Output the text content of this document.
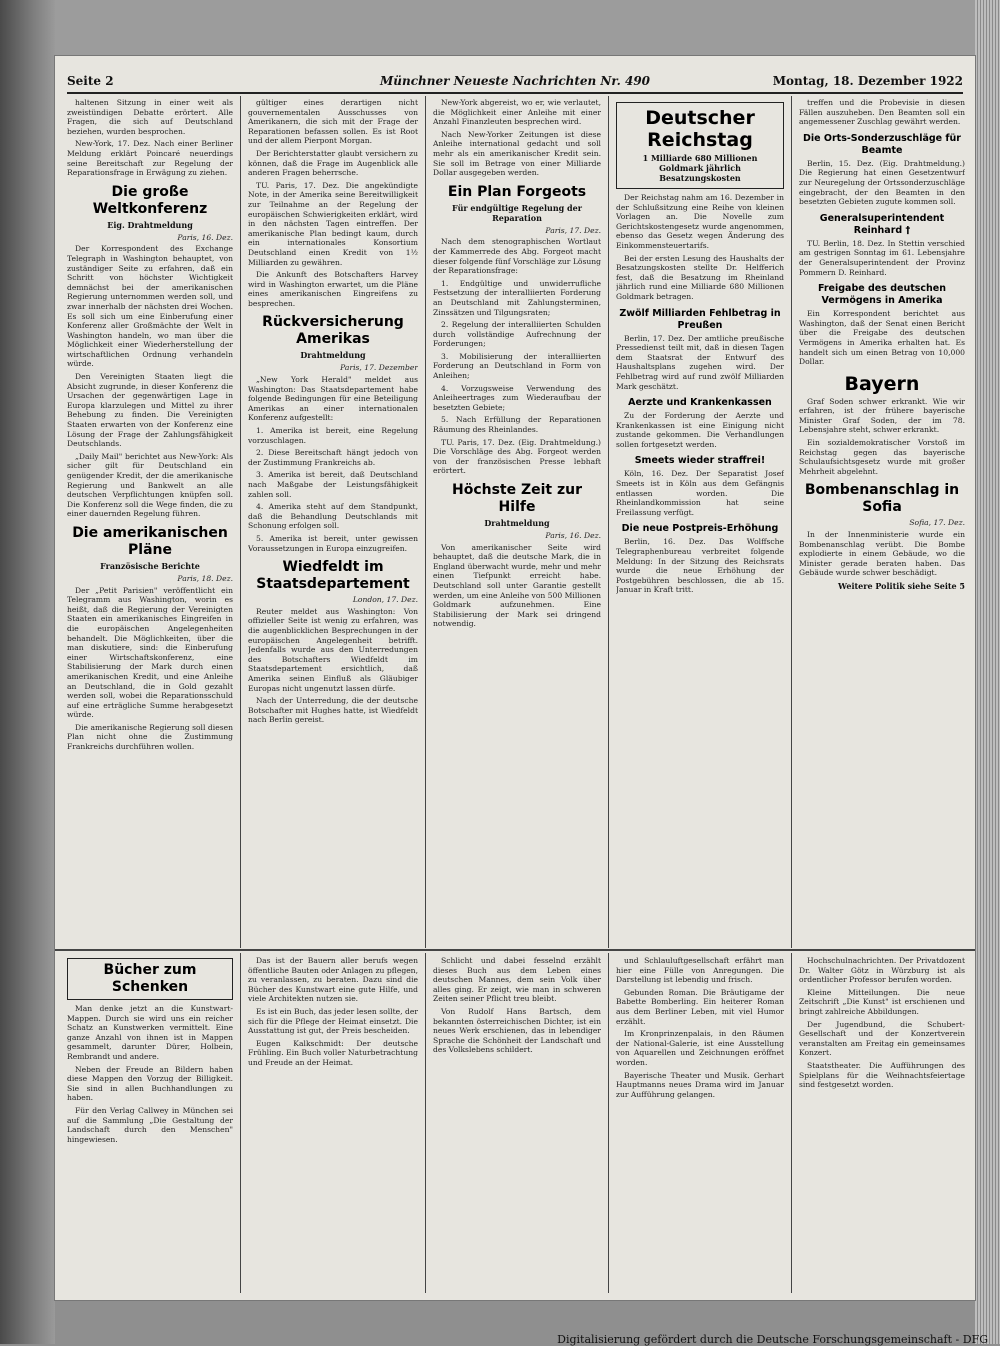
Seite 2	Münchner Neueste Nachrichten Nr. 490	Montag, 18. Dezember 1922

haltenen Sitzung in einer weit als zweistündigen Debatte erörtert. Alle Fragen, die sich auf Deutschland beziehen, wurden besprochen.

New-York, 17. Dez. Nach einer Berliner Meldung erklärt Poincaré neuerdings seine Bereitschaft zur Regelung der Reparationsfrage in Erwägung zu ziehen.

Die große Weltkonferenz
Eig. Drahtmeldung
Paris, 16. Dez.

Der Korrespondent des Exchange Telegraph in Washington behauptet, von zuständiger Seite zu erfahren, daß ein Schritt von höchster Wichtigkeit demnächst bei der amerikanischen Regierung unternommen werden soll, und zwar innerhalb der nächsten drei Wochen. Es soll sich um eine Einberufung einer Konferenz aller Großmächte der Welt in Washington handeln, wo man über die Möglichkeit einer Wiederherstellung der wirtschaftlichen Ordnung verhandeln würde.

Den Vereinigten Staaten liegt die Absicht zugrunde, in dieser Konferenz die Ursachen der gegenwärtigen Lage in Europa klarzulegen und Mittel zu ihrer Behebung zu finden. Die Vereinigten Staaten erwarten von der Konferenz eine Lösung der Frage der Zahlungsfähigkeit Deutschlands.

„Daily Mail" berichtet aus New-York: Als sicher gilt für Deutschland ein genügender Kredit, der die amerikanische Regierung und Bankwelt an alle deutschen Verpflichtungen knüpfen soll. Die Konferenz soll die Wege finden, die zu einer dauernden Regelung führen.

Die amerikanischen Pläne
Französische Berichte
Paris, 18. Dez.

Der „Petit Parisien" veröffentlicht ein Telegramm aus Washington, worin es heißt, daß die Regierung der Vereinigten Staaten ein amerikanisches Eingreifen in die europäischen Angelegenheiten behandelt. Die Möglichkeiten, über die man diskutiere, sind: die Einberufung einer Wirtschaftskonferenz, eine Stabilisierung der Mark durch einen amerikanischen Kredit, und eine Anleihe an Deutschland, die in Gold gezahlt werden soll, wobei die Reparationsschuld auf eine erträgliche Summe herabgesetzt würde.

Die amerikanische Regierung soll diesen Plan nicht ohne die Zustimmung Frankreichs durchführen wollen.

gültiger eines derartigen nicht gouvernementalen Ausschusses von Amerikanern, die sich mit der Frage der Reparationen befassen sollen. Es ist Root und der allem Pierpont Morgan.

Der Berichterstatter glaubt versichern zu können, daß die Frage im Augenblick alle anderen Fragen beherrsche.

TU. Paris, 17. Dez. Die angekündigte Note, in der Amerika seine Bereitwilligkeit zur Teilnahme an der Regelung der europäischen Schwierigkeiten erklärt, wird in den nächsten Tagen eintreffen. Der amerikanische Plan bedingt kaum, durch ein internationales Konsortium Deutschland einen Kredit von 1½ Milliarden zu gewähren.

Die Ankunft des Botschafters Harvey wird in Washington erwartet, um die Pläne eines amerikanischen Eingreifens zu besprechen.

Rückversicherung Amerikas
Drahtmeldung
Paris, 17. Dezember

„New York Herald" meldet aus Washington: Das Staatsdepartement habe folgende Bedingungen für eine Beteiligung Amerikas an einer internationalen Konferenz aufgestellt:

1. Amerika ist bereit, eine Regelung vorzuschlagen.

2. Diese Bereitschaft hängt jedoch von der Zustimmung Frankreichs ab.

3. Amerika ist bereit, daß Deutschland nach Maßgabe der Leistungsfähigkeit zahlen soll.

4. Amerika steht auf dem Standpunkt, daß die Behandlung Deutschlands mit Schonung erfolgen soll.

5. Amerika ist bereit, unter gewissen Voraussetzungen in Europa einzugreifen.

Wiedfeldt im Staatsdepartement
London, 17. Dez.

Reuter meldet aus Washington: Von offizieller Seite ist wenig zu erfahren, was die augenblicklichen Besprechungen in der europäischen Angelegenheit betrifft. Jedenfalls wurde aus den Unterredungen des Botschafters Wiedfeldt im Staatsdepartement ersichtlich, daß Amerika seinen Einfluß als Gläubiger Europas nicht ungenutzt lassen dürfe.

Nach der Unterredung, die der deutsche Botschafter mit Hughes hatte, ist Wiedfeldt nach Berlin gereist.

New-York abgereist, wo er, wie verlautet, die Möglichkeit einer Anleihe mit einer Anzahl Finanzleuten besprechen wird.

Nach New-Yorker Zeitungen ist diese Anleihe international gedacht und soll mehr als ein amerikanischer Kredit sein. Sie soll im Betrage von einer Milliarde Dollar ausgegeben werden.

Ein Plan Forgeots
Für endgültige Regelung der Reparation
Paris, 17. Dez.

Nach dem stenographischen Wortlaut der Kammerrede des Abg. Forgeot macht dieser folgende fünf Vorschläge zur Lösung der Reparationsfrage:

1. Endgültige und unwiderrufliche Festsetzung der interalliierten Forderung an Deutschland mit Zahlungsterminen, Zinssätzen und Tilgungsraten;

2. Regelung der interalliierten Schulden durch vollständige Aufrechnung der Forderungen;

3. Mobilisierung der interalliierten Forderung an Deutschland in Form von Anleihen;

4. Vorzugsweise Verwendung des Anleiheertrages zum Wiederaufbau der besetzten Gebiete;

5. Nach Erfüllung der Reparationen Räumung des Rheinlandes.

TU. Paris, 17. Dez. (Eig. Drahtmeldung.) Die Vorschläge des Abg. Forgeot werden von der französischen Presse lebhaft erörtert.

Höchste Zeit zur Hilfe
Drahtmeldung
Paris, 16. Dez.

Von amerikanischer Seite wird behauptet, daß die deutsche Mark, die in England überwacht wurde, mehr und mehr einen Tiefpunkt erreicht habe. Deutschland soll unter Garantie gestellt werden, um eine Anleihe von 500 Millionen Goldmark aufzunehmen. Eine Stabilisierung der Mark sei dringend notwendig.

Deutscher Reichstag
1 Milliarde 680 Millionen Goldmark jährlich Besatzungskosten

Der Reichstag nahm am 16. Dezember in der Schlußsitzung eine Reihe von kleinen Vorlagen an. Die Novelle zum Gerichtskostengesetz wurde angenommen, ebenso das Gesetz wegen Änderung des Einkommensteuertarifs.

Bei der ersten Lesung des Haushalts der Besatzungskosten stellte Dr. Helfferich fest, daß die Besatzung im Rheinland jährlich rund eine Milliarde 680 Millionen Goldmark betragen.

Zwölf Milliarden Fehlbetrag in Preußen

Berlin, 17. Dez. Der amtliche preußische Pressedienst teilt mit, daß in diesen Tagen dem Staatsrat der Entwurf des Haushaltsplans zugehen wird. Der Fehlbetrag wird auf rund zwölf Milliarden Mark geschätzt.

Aerzte und Krankenkassen

Zu der Forderung der Aerzte und Krankenkassen ist eine Einigung nicht zustande gekommen. Die Verhandlungen sollen fortgesetzt werden.

Smeets wieder straffrei!

Köln, 16. Dez. Der Separatist Josef Smeets ist in Köln aus dem Gefängnis entlassen worden. Die Rheinlandkommission hat seine Freilassung verfügt.

Die neue Postpreis-Erhöhung

Berlin, 16. Dez. Das Wolffsche Telegraphenbureau verbreitet folgende Meldung: In der Sitzung des Reichsrats wurde die neue Erhöhung der Postgebühren beschlossen, die ab 15. Januar in Kraft tritt.

treffen und die Probevisie in diesen Fällen auszuheben. Den Beamten soll ein angemessener Zuschlag gewährt werden.

Die Orts-Sonderzuschläge für Beamte

Berlin, 15. Dez. (Eig. Drahtmeldung.) Die Regierung hat einen Gesetzentwurf zur Neuregelung der Ortssonderzuschläge eingebracht, der den Beamten in den besetzten Gebieten zugute kommen soll.

Generalsuperintendent Reinhard †

TU. Berlin, 18. Dez. In Stettin verschied am gestrigen Sonntag im 61. Lebensjahre der Generalsuperintendent der Provinz Pommern D. Reinhard.

Freigabe des deutschen Vermögens in Amerika

Ein Korrespondent berichtet aus Washington, daß der Senat einen Bericht über die Freigabe des deutschen Vermögens in Amerika erhalten hat. Es handelt sich um einen Betrag von 10,000 Dollar.

Bayern

Graf Soden schwer erkrankt. Wie wir erfahren, ist der frühere bayerische Minister Graf Soden, der im 78. Lebensjahre steht, schwer erkrankt.

Ein sozialdemokratischer Vorstoß im Reichstag gegen das bayerische Schulaufsichtsgesetz wurde mit großer Mehrheit abgelehnt.

Bombenanschlag in Sofia
Sofia, 17. Dez.

In der Innenministerie wurde ein Bombenanschlag verübt. Die Bombe explodierte in einem Gebäude, wo die Minister gerade beraten haben. Das Gebäude wurde schwer beschädigt.

Weitere Politik siehe Seite 5
Bücher zum Schenken

Man denke jetzt an die Kunstwart-Mappen. Durch sie wird uns ein reicher Schatz an Kunstwerken vermittelt. Eine ganze Anzahl von ihnen ist in Mappen gesammelt, darunter Dürer, Holbein, Rembrandt und andere.

Neben der Freude an Bildern haben diese Mappen den Vorzug der Billigkeit. Sie sind in allen Buchhandlungen zu haben.

Für den Verlag Callwey in München sei auf die Sammlung „Die Gestaltung der Landschaft durch den Menschen" hingewiesen.

Das ist der Bauern aller berufs wegen öffentliche Bauten oder Anlagen zu pflegen, zu veranlassen, zu beraten. Dazu sind die Bücher des Kunstwart eine gute Hilfe, und viele Architekten nutzen sie.

Es ist ein Buch, das jeder lesen sollte, der sich für die Pflege der Heimat einsetzt. Die Ausstattung ist gut, der Preis bescheiden.

Eugen Kalkschmidt: Der deutsche Frühling. Ein Buch voller Naturbetrachtung und Freude an der Heimat.

Schlicht und dabei fesselnd erzählt dieses Buch aus dem Leben eines deutschen Mannes, dem sein Volk über alles ging. Er zeigt, wie man in schweren Zeiten seiner Pflicht treu bleibt.

Von Rudolf Hans Bartsch, dem bekannten österreichischen Dichter, ist ein neues Werk erschienen, das in lebendiger Sprache die Schönheit der Landschaft und des Volkslebens schildert.

und Schlauluftgesellschaft erfährt man hier eine Fülle von Anregungen. Die Darstellung ist lebendig und frisch.

Gebunden Roman. Die Bräutigame der Babette Bomberling. Ein heiterer Roman aus dem Berliner Leben, mit viel Humor erzählt.

Im Kronprinzenpalais, in den Räumen der National-Galerie, ist eine Ausstellung von Aquarellen und Zeichnungen eröffnet worden.

Bayerische Theater und Musik. Gerhart Hauptmanns neues Drama wird im Januar zur Aufführung gelangen.

Hochschulnachrichten. Der Privatdozent Dr. Walter Götz in Würzburg ist als ordentlicher Professor berufen worden.

Kleine Mitteilungen. Die neue Zeitschrift „Die Kunst" ist erschienen und bringt zahlreiche Abbildungen.

Der Jugendbund, die Schubert-Gesellschaft und der Konzertverein veranstalten am Freitag ein gemeinsames Konzert.

Staatstheater. Die Aufführungen des Spielplans für die Weihnachtsfeiertage sind festgesetzt worden.

Digitalisierung gefördert durch die Deutsche Forschungsgemeinschaft - DFG
